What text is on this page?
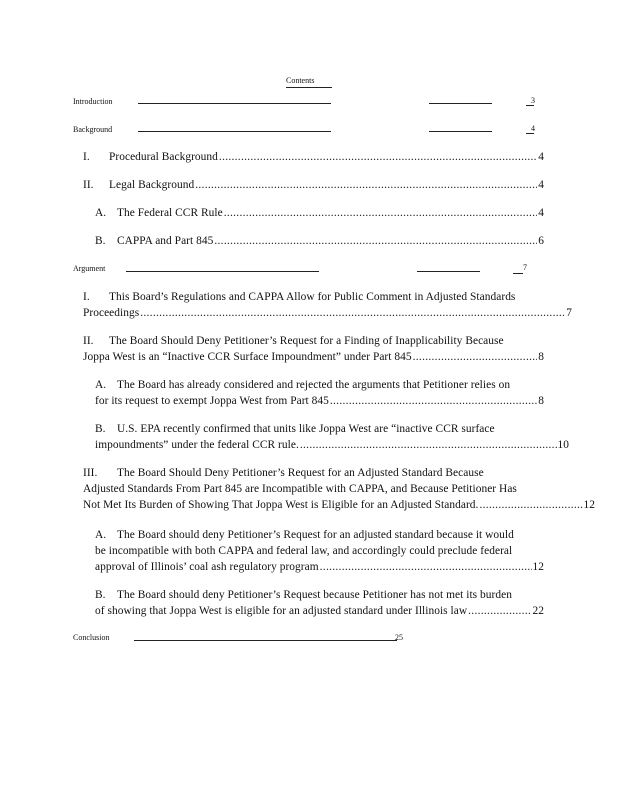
Contents
Introduction	3
Background	4
I.	Procedural Background .....	4
II.	Legal Background .....	4
A. The Federal CCR Rule .....	4
B.	CAPPA and Part 845 .....	6
Argument	7
I.	This Board’s Regulations and CAPPA Allow for Public Comment in Adjusted Standards
Proceedings .....	7
II.	The Board Should Deny Petitioner’s Request for a Finding of Inapplicability Because
Joppa West is an “Inactive CCR Surface Impoundment” under Part 845 .....	8
A. The Board has already considered and rejected the arguments that Petitioner relies on
for its request to exempt Joppa West from Part 845 .....	8
B.	U.S. EPA recently confirmed that units like Joppa West are “inactive CCR surface
impoundments” under the federal CCR rule. .....	10
III.	The Board Should Deny Petitioner’s Request for an Adjusted Standard Because
Adjusted Standards From Part 845 are Incompatible with CAPPA, and Because Petitioner Has
Not Met Its Burden of Showing That Joppa West is Eligible for an Adjusted Standard. .....	12
A. The Board should deny Petitioner’s Request for an adjusted standard because it would
be incompatible with both CAPPA and federal law, and accordingly could preclude federal
approval of Illinois’ coal ash regulatory program .....	12
B.	The Board should deny Petitioner’s Request because Petitioner has not met its burden
of showing that Joppa West is eligible for an adjusted standard under Illinois law .....	22
Conclusion	25
